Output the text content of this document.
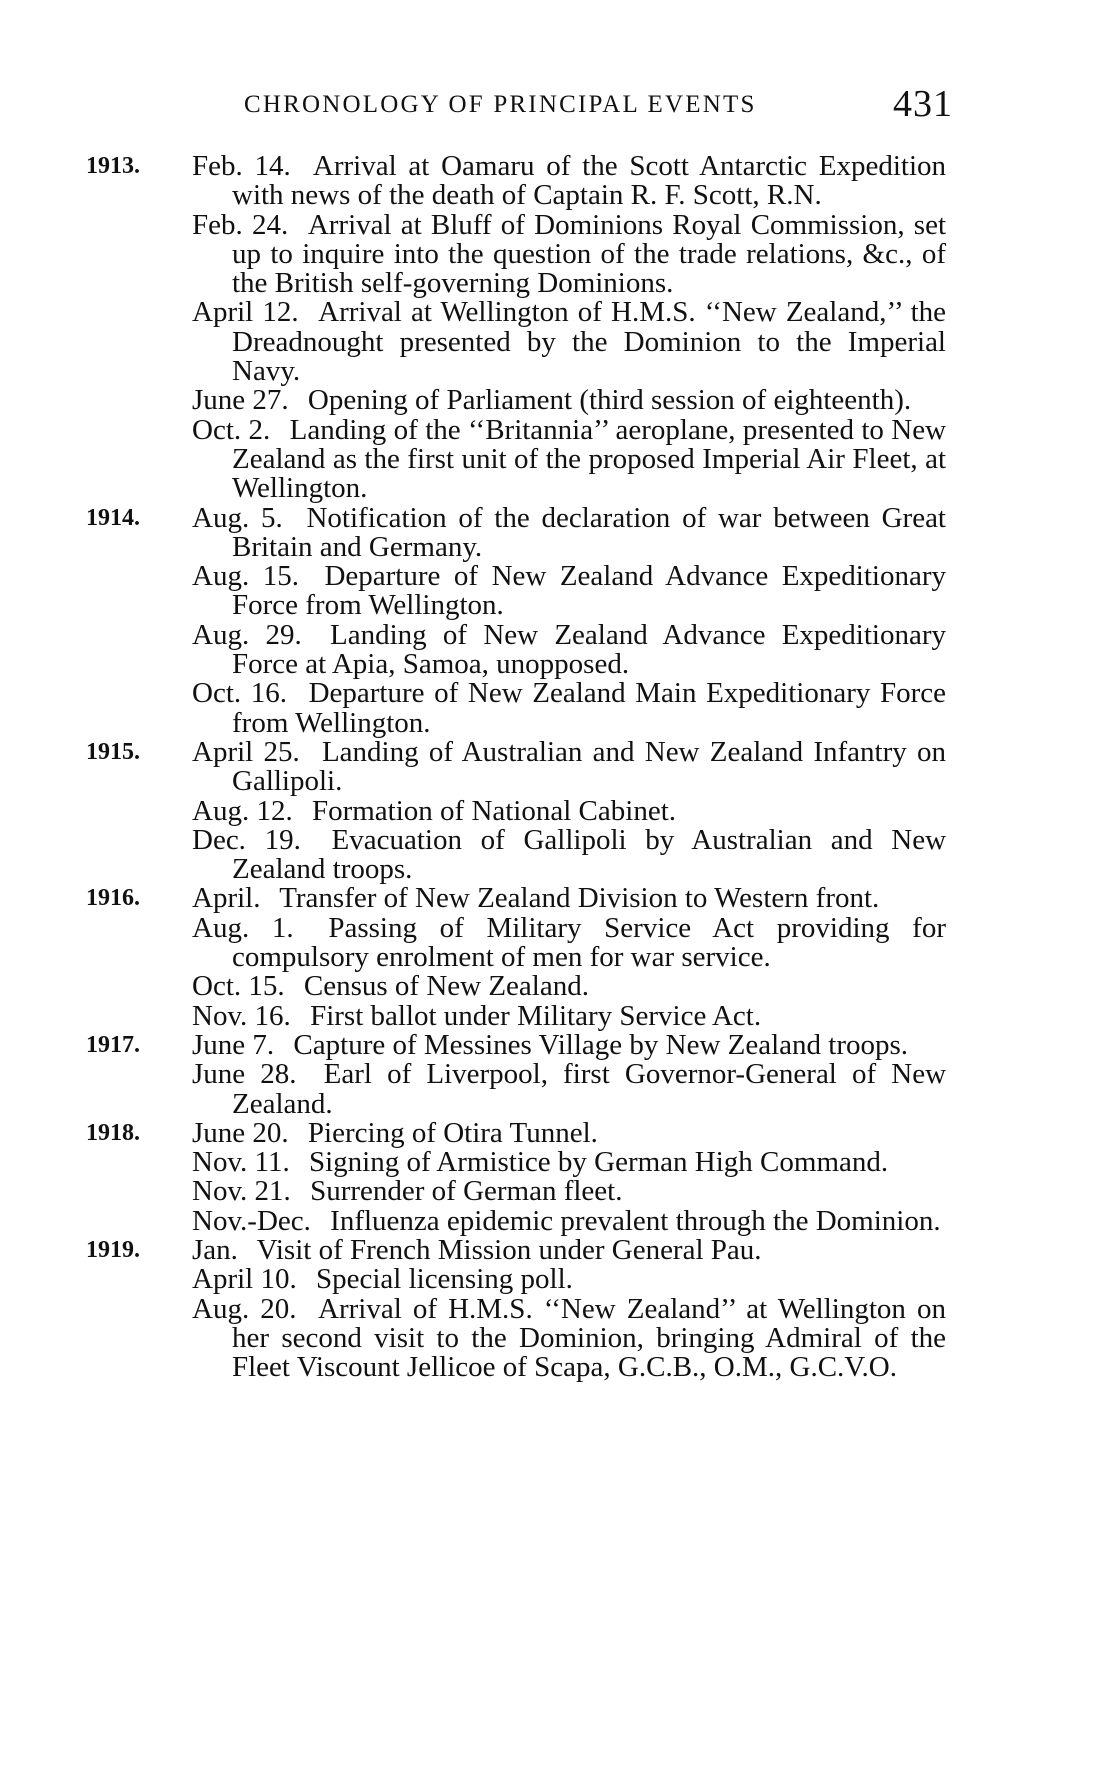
CHRONOLOGY OF PRINCIPAL EVENTS	431
1913. Feb. 14. Arrival at Oamaru of the Scott Antarctic Expedition with news of the death of Captain R. F. Scott, R.N.
Feb. 24. Arrival at Bluff of Dominions Royal Commission, set up to inquire into the question of the trade relations, &c., of the British self-governing Dominions.
April 12. Arrival at Wellington of H.M.S. ‘‘New Zealand,’’ the Dreadnought presented by the Dominion to the Imperial Navy.
June 27. Opening of Parliament (third session of eighteenth).
Oct. 2. Landing of the ‘‘Britannia’’ aeroplane, presented to New Zealand as the first unit of the proposed Imperial Air Fleet, at Wellington.
1914. Aug. 5. Notification of the declaration of war between Great Britain and Germany.
Aug. 15. Departure of New Zealand Advance Expeditionary Force from Wellington.
Aug. 29. Landing of New Zealand Advance Expeditionary Force at Apia, Samoa, unopposed.
Oct. 16. Departure of New Zealand Main Expeditionary Force from Wellington.
1915. April 25. Landing of Australian and New Zealand Infantry on Gallipoli.
Aug. 12. Formation of National Cabinet.
Dec. 19. Evacuation of Gallipoli by Australian and New Zealand troops.
1916. April. Transfer of New Zealand Division to Western front.
Aug. 1. Passing of Military Service Act providing for compulsory enrolment of men for war service.
Oct. 15. Census of New Zealand.
Nov. 16. First ballot under Military Service Act.
1917. June 7. Capture of Messines Village by New Zealand troops.
June 28. Earl of Liverpool, first Governor-General of New Zealand.
1918. June 20. Piercing of Otira Tunnel.
Nov. 11. Signing of Armistice by German High Command.
Nov. 21. Surrender of German fleet.
Nov.-Dec. Influenza epidemic prevalent through the Dominion.
1919. Jan. Visit of French Mission under General Pau.
April 10. Special licensing poll.
Aug. 20. Arrival of H.M.S. ‘‘New Zealand’’ at Wellington on her second visit to the Dominion, bringing Admiral of the Fleet Viscount Jellicoe of Scapa, G.C.B., O.M., G.C.V.O.
